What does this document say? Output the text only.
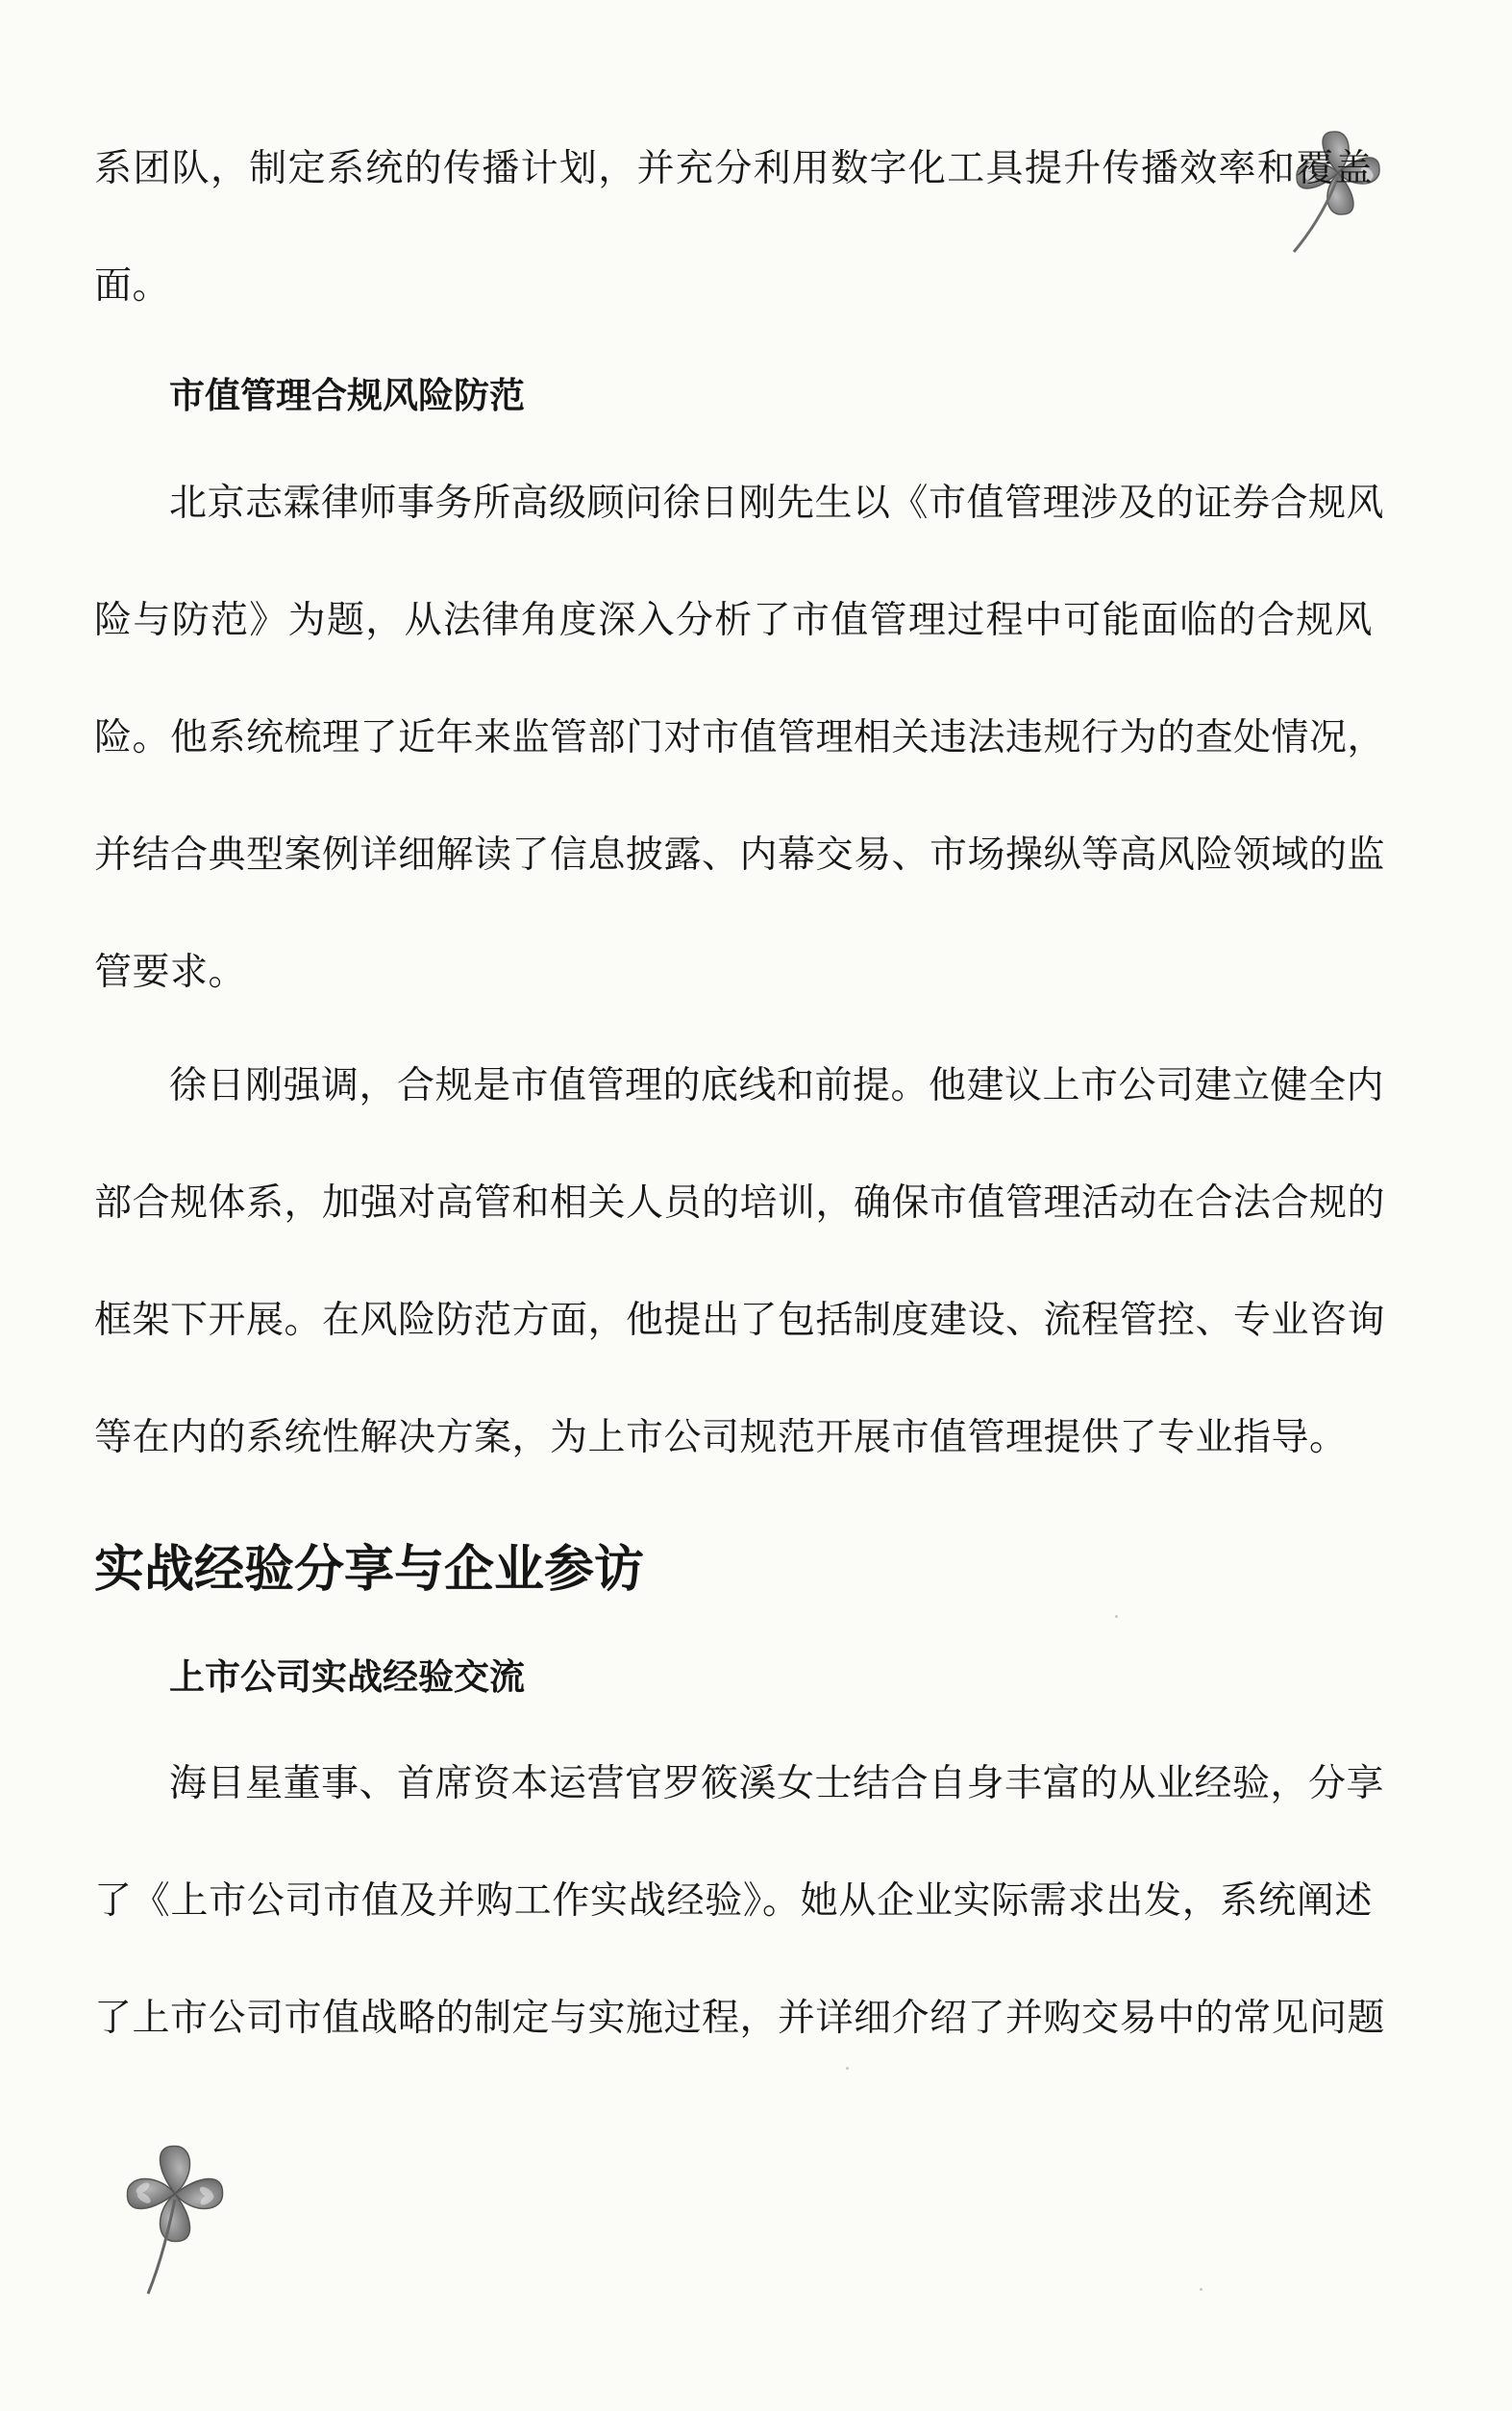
系团队，制定系统的传播计划，并充分利用数字化工具提升传播效率和覆盖

面。

市值管理合规风险防范

北京志霖律师事务所高级顾问徐日刚先生以《市值管理涉及的证券合规风

险与防范》为题，从法律角度深入分析了市值管理过程中可能面临的合规风

险。他系统梳理了近年来监管部门对市值管理相关违法违规行为的查处情况，

并结合典型案例详细解读了信息披露、内幕交易、市场操纵等高风险领域的监

管要求。

徐日刚强调，合规是市值管理的底线和前提。他建议上市公司建立健全内

部合规体系，加强对高管和相关人员的培训，确保市值管理活动在合法合规的

框架下开展。在风险防范方面，他提出了包括制度建设、流程管控、专业咨询

等在内的系统性解决方案，为上市公司规范开展市值管理提供了专业指导。

实战经验分享与企业参访
上市公司实战经验交流

海目星董事、首席资本运营官罗筱溪女士结合自身丰富的从业经验，分享

了《上市公司市值及并购工作实战经验》。她从企业实际需求出发，系统阐述

了上市公司市值战略的制定与实施过程，并详细介绍了并购交易中的常见问题
